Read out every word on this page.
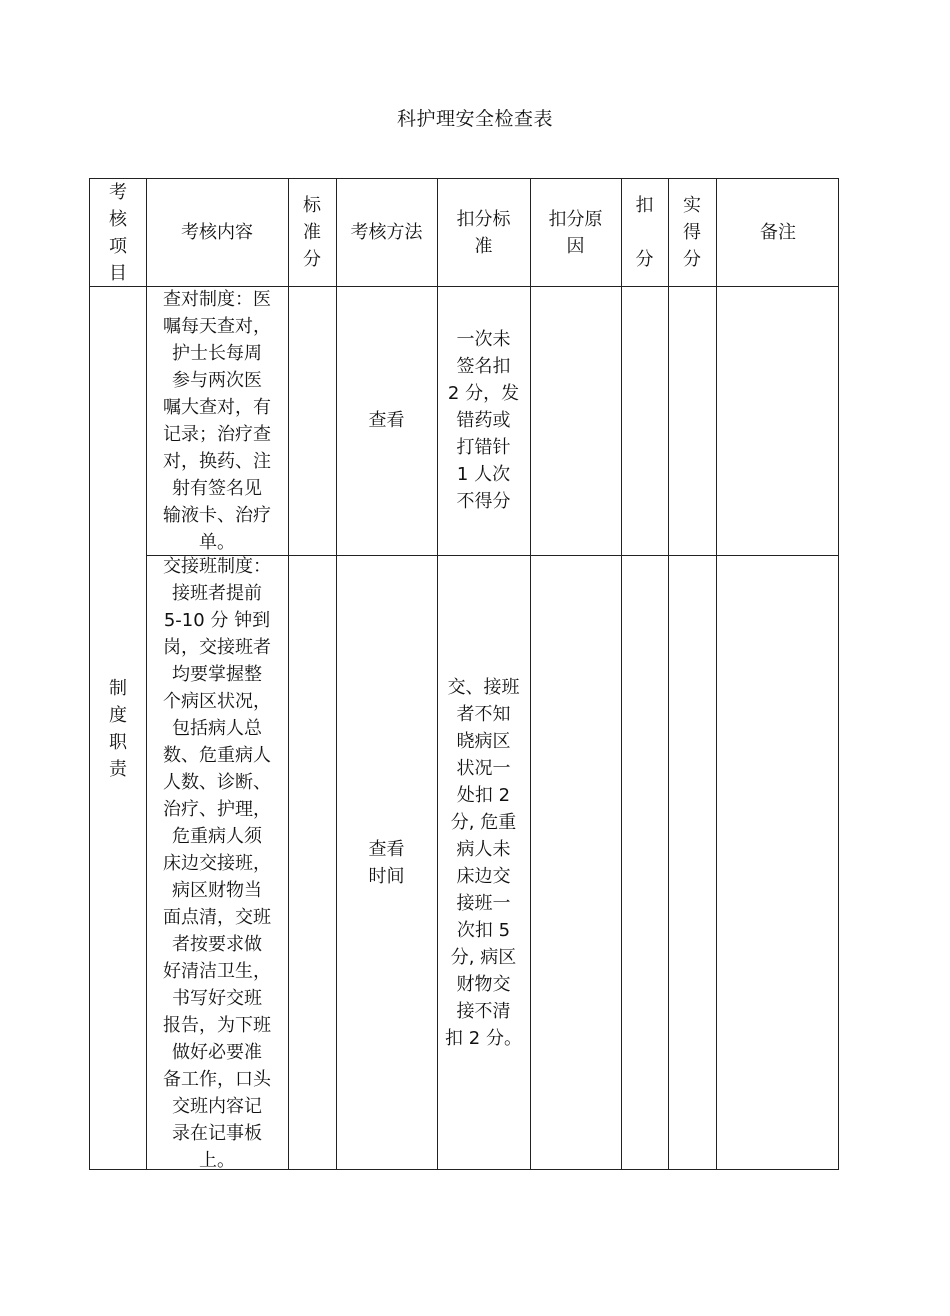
科护理安全检查表
考
核
项
目
考核内容
标
准
分
考核方法
扣分标
准
扣分原
因
扣
分
实
得
分
备注
制
度
职
责
查对制度：医
嘱每天查对，
护士长每周
参与两次医
嘱大查对，有
记录；治疗查
对，换药、注
射有签名见
输液卡、治疗
单。
查看
一次未
签名扣
2 分，发
错药或
打错针
1 人次
不得分
交接班制度：
接班者提前
5-10 分 钟到
岗，交接班者
均要掌握整
个病区状况，
包括病人总
数、危重病人
人数、诊断、
治疗、护理，
危重病人须
床边交接班，
病区财物当
面点清，交班
者按要求做
好清洁卫生，
书写好交班
报告，为下班
做好必要准
备工作，口头
交班内容记
录在记事板
上。
查看
时间
交、接班
者不知
晓病区
状况一
处扣 2
分, 危重
病人未
床边交
接班一
次扣 5
分, 病区
财物交
接不清
扣 2 分。
